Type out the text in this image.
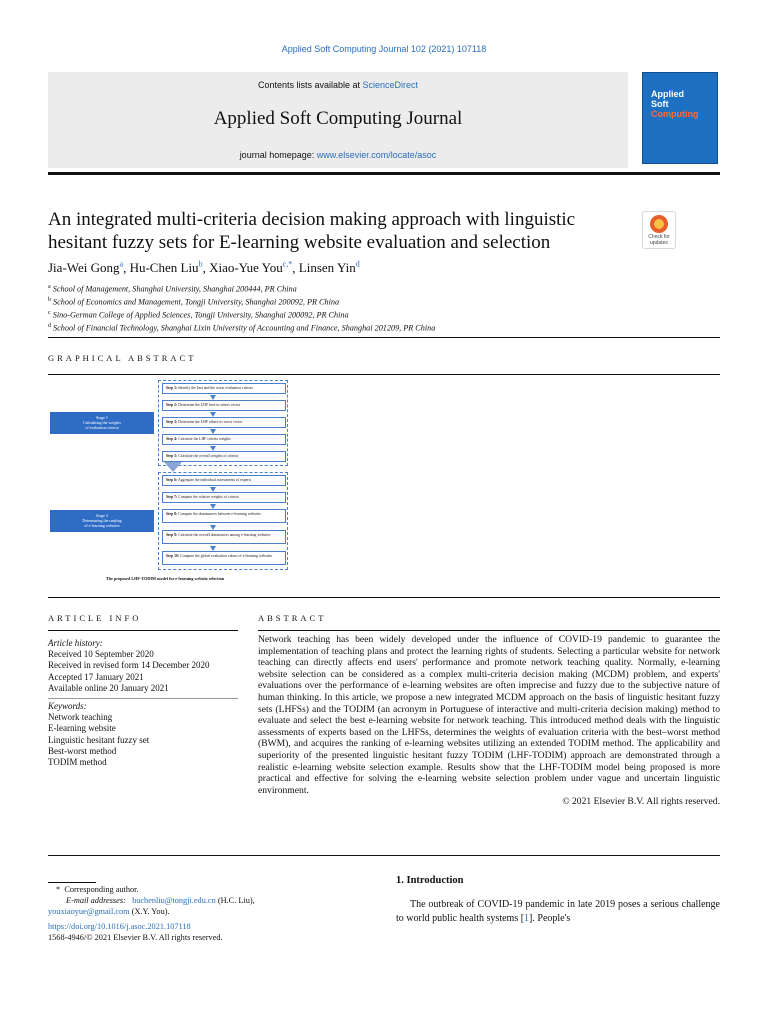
Applied Soft Computing Journal 102 (2021) 107118
Contents lists available at ScienceDirect
Applied Soft Computing Journal
journal homepage: www.elsevier.com/locate/asoc
Applied
Soft
Computing
An integrated multi-criteria decision making approach with linguistic hesitant fuzzy sets for E-learning website evaluation and selection	Check for updates
Jia-Wei Gong$^a$, Hu-Chen Liu$^b$, Xiao-Yue You$^{c,*}$, Linsen Yin$^d$
$^a$ School of Management, Shanghai University, Shanghai 200444, PR China
$^b$ School of Economics and Management, Tongji University, Shanghai 200092, PR China
$^c$ Sino-German College of Applied Sciences, Tongji University, Shanghai 200092, PR China
$^d$ School of Financial Technology, Shanghai Lixin University of Accounting and Finance, Shanghai 201209, PR China
GRAPHICAL ABSTRACT
Stage 1
Calculating the weights
of evaluation criteria
Step 1: Identify the best and the worst evaluation criteria
Step 2: Determine the LHF best-to-others vector
Step 3: Determine the LHF others-to-worst vector
Step 4: Calculate the LHF criteria weights
Step 5: Calculate the overall weights of criteria
Stage 2
Determining the ranking
of e-learning websites
Step 6: Aggregate the individual assessments of experts
Step 7: Compute the relative weights of criteria
Step 8: Compute the dominances between e-learning websites
Step 9: Calculate the overall dominances among e-learning websites
Step 10: Compute the global evaluation values of e-learning websites
The proposed LHF-TODIM model for e-learning website selection
ARTICLE INFO
Article history:
Received 10 September 2020
Received in revised form 14 December 2020
Accepted 17 January 2021
Available online 20 January 2021
Keywords:
Network teaching
E-learning website
Linguistic hesitant fuzzy set
Best-worst method
TODIM method
ABSTRACT
Network teaching has been widely developed under the influence of COVID-19 pandemic to guarantee the implementation of teaching plans and protect the learning rights of students. Selecting a particular website for network teaching can directly affects end users' performance and promote network teaching quality. Normally, e-learning website selection can be considered as a complex multi-criteria decision making (MCDM) problem, and experts' evaluations over the performance of e-learning websites are often imprecise and fuzzy due to the subjective nature of human thinking. In this article, we propose a new integrated MCDM approach on the basis of linguistic hesitant fuzzy sets (LHFSs) and the TODIM (an acronym in Portuguese of interactive and multi-criteria decision making) method to evaluate and select the best e-learning website for network teaching. This introduced method deals with the linguistic assessments of experts based on the LHFSs, determines the weights of evaluation criteria with the best–worst method (BWM), and acquires the ranking of e-learning websites utilizing an extended TODIM method. The applicability and superiority of the presented linguistic hesitant fuzzy TODIM (LHF-TODIM) approach are demonstrated through a realistic e-learning website selection example. Results show that the LHF-TODIM model being proposed is more practical and effective for solving the e-learning website selection problem under vague and uncertain linguistic environment.
© 2021 Elsevier B.V. All rights reserved.
* Corresponding author.
E-mail addresses: huchenliu@tongji.edu.cn (H.C. Liu),
youxiaoyue@gmail.com (X.Y. You).
https://doi.org/10.1016/j.asoc.2021.107118
1568-4946/© 2021 Elsevier B.V. All rights reserved.
1. Introduction
The outbreak of COVID-19 pandemic in late 2019 poses a serious challenge to world public health systems [1]. People's
